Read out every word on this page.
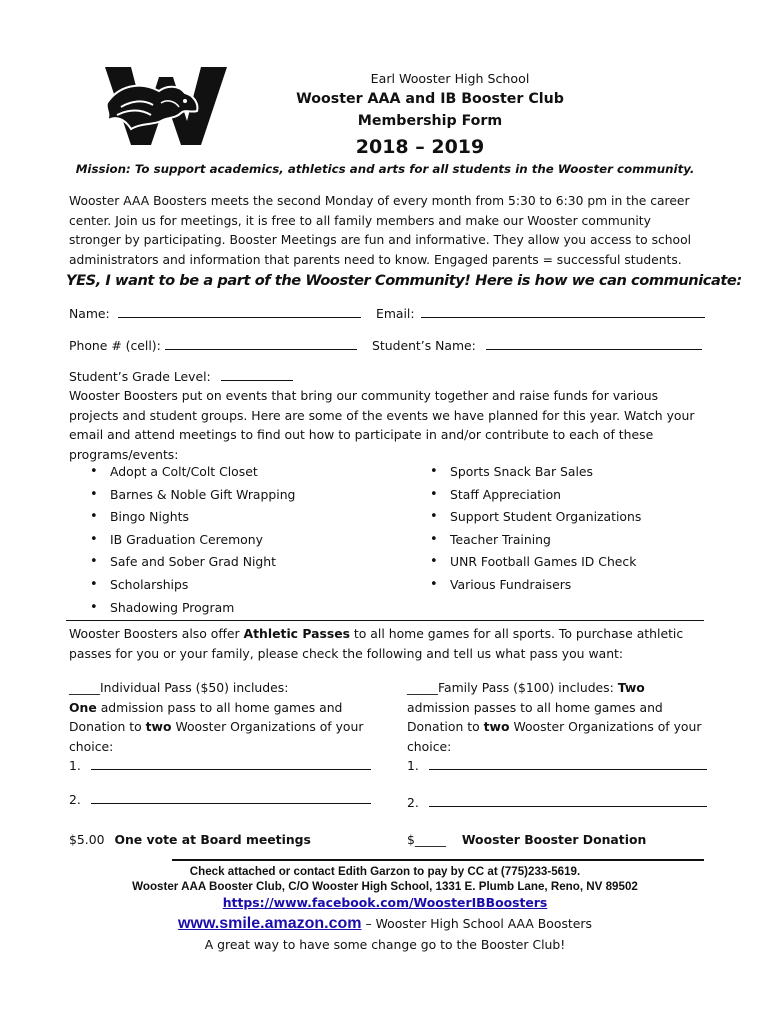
Earl Wooster High School
Wooster AAA and IB Booster Club
Membership Form
2018 – 2019
Mission: To support academics, athletics and arts for all students in the Wooster community.
Wooster AAA Boosters meets the second Monday of every month from 5:30 to 6:30 pm in the career center. Join us for meetings, it is free to all family members and make our Wooster community stronger by participating. Booster Meetings are fun and informative. They allow you access to school administrators and information that parents need to know. Engaged parents = successful students.
YES, I want to be a part of the Wooster Community! Here is how we can communicate:
Name:	Email:
Phone # (cell):	Student’s Name:
Student’s Grade Level:
Wooster Boosters put on events that bring our community together and raise funds for various projects and student groups. Here are some of the events we have planned for this year. Watch your email and attend meetings to find out how to participate in and/or contribute to each of these programs/events:
• Adopt a Colt/Colt Closet
• Barnes & Noble Gift Wrapping
• Bingo Nights
• IB Graduation Ceremony
• Safe and Sober Grad Night
• Scholarships
• Shadowing Program
• Sports Snack Bar Sales
• Staff Appreciation
• Support Student Organizations
• Teacher Training
• UNR Football Games ID Check
• Various Fundraisers
Wooster Boosters also offer Athletic Passes to all home games for all sports. To purchase athletic passes for you or your family, please check the following and tell us what pass you want:
_____Individual Pass ($50) includes:
One admission pass to all home games and Donation to two Wooster Organizations of your choice:
_____Family Pass ($100) includes: Two
admission passes to all home games and Donation to two Wooster Organizations of your choice:
1.	1.
2.	2.
$5.00 One vote at Board meetings	$_____ Wooster Booster Donation
Check attached or contact Edith Garzon to pay by CC at (775)233-5619.
Wooster AAA Booster Club, C/O Wooster High School, 1331 E. Plumb Lane, Reno, NV 89502
https://www.facebook.com/WoosterIBBoosters
www.smile.amazon.com – Wooster High School AAA Boosters
A great way to have some change go to the Booster Club!
